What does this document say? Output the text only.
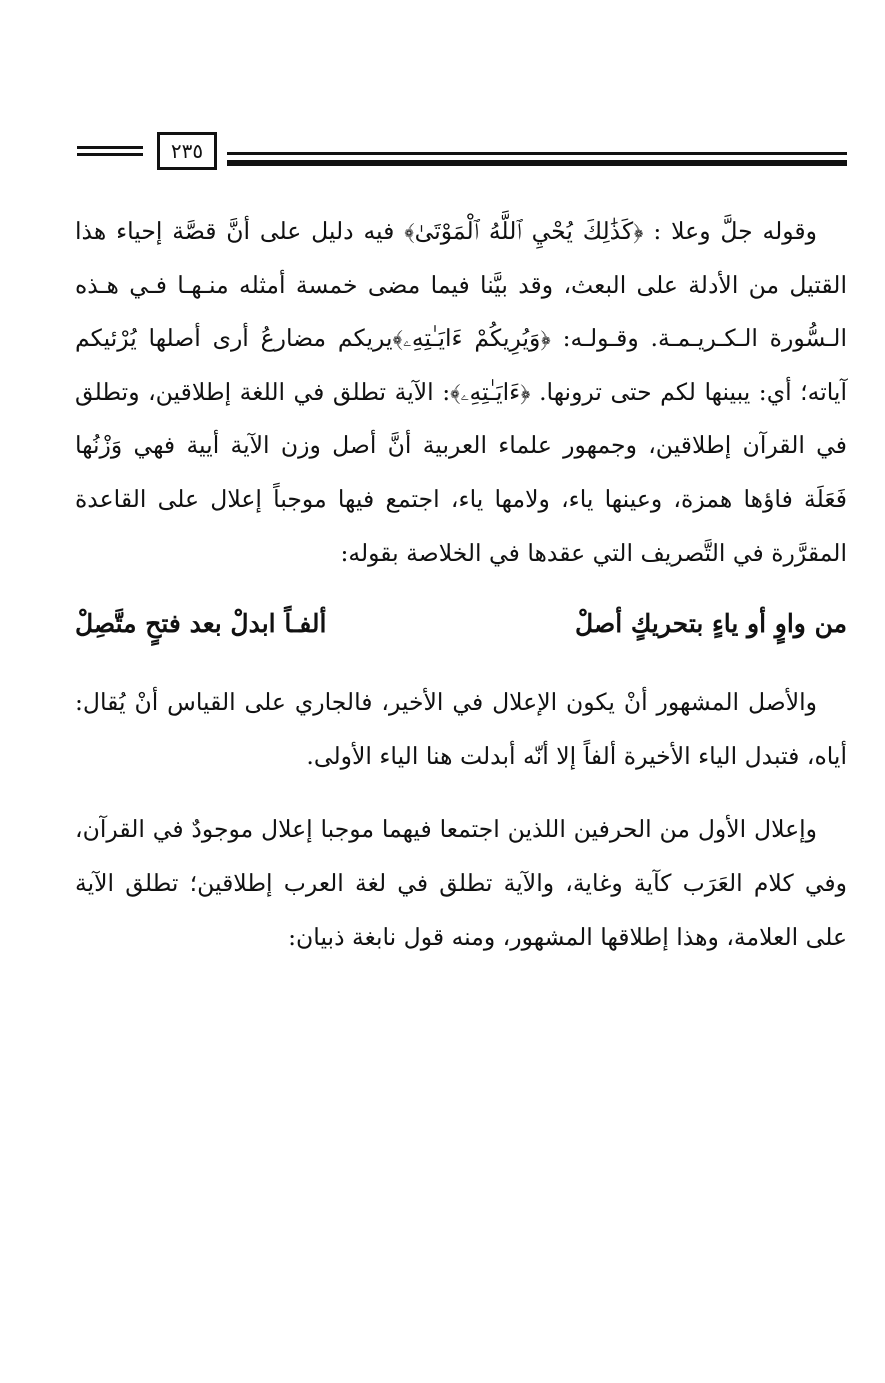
٢٣٥

وقوله جلَّ وعلا : ﴿كَذَٰلِكَ يُحْيِ ٱللَّهُ ٱلْمَوْتَىٰ﴾ فيه دليل على أنَّ قصَّة إحياء هذا القتيل من الأدلة على البعث، وقد بيَّنا فيما مضى خمسة أمثله منـهـا فـي هـذه الـسُّورة الـكـريـمـة. وقـولـه: ﴿وَيُرِيكُمْ ءَايَـٰتِهِۦ﴾يريكم مضارعُ أرى أصلها يُرْئيكم آياته؛ أي: يبينها لكم حتى ترونها. ﴿ءَايَـٰتِهِۦ﴾: الآية تطلق في اللغة إطلاقين، وتطلق في القرآن إطلاقين، وجمهور علماء العربية أنَّ أصل وزن الآية أيية فهي وَزْنُها فَعَلَة فاؤها همزة، وعينها ياء، ولامها ياء، اجتمع فيها موجباً إعلال على القاعدة المقرَّرة في التَّصريف التي عقدها في الخلاصة بقوله:

من واوٍ أو ياءٍ بتحريكٍ أصلْ
ألفـاً ابدلْ بعد فتحٍ متَّصِلْ

والأصل المشهور أنْ يكون الإعلال في الأخير، فالجاري على القياس أنْ يُقال: أياه، فتبدل الياء الأخيرة ألفاً إلا أنّه أبدلت هنا الياء الأولى.

وإعلال الأول من الحرفين اللذين اجتمعا فيهما موجبا إعلال موجودٌ في القرآن، وفي كلام العَرَب كآية وغاية، والآية تطلق في لغة العرب إطلاقين؛ تطلق الآية على العلامة، وهذا إطلاقها المشهور، ومنه قول نابغة ذبيان:
